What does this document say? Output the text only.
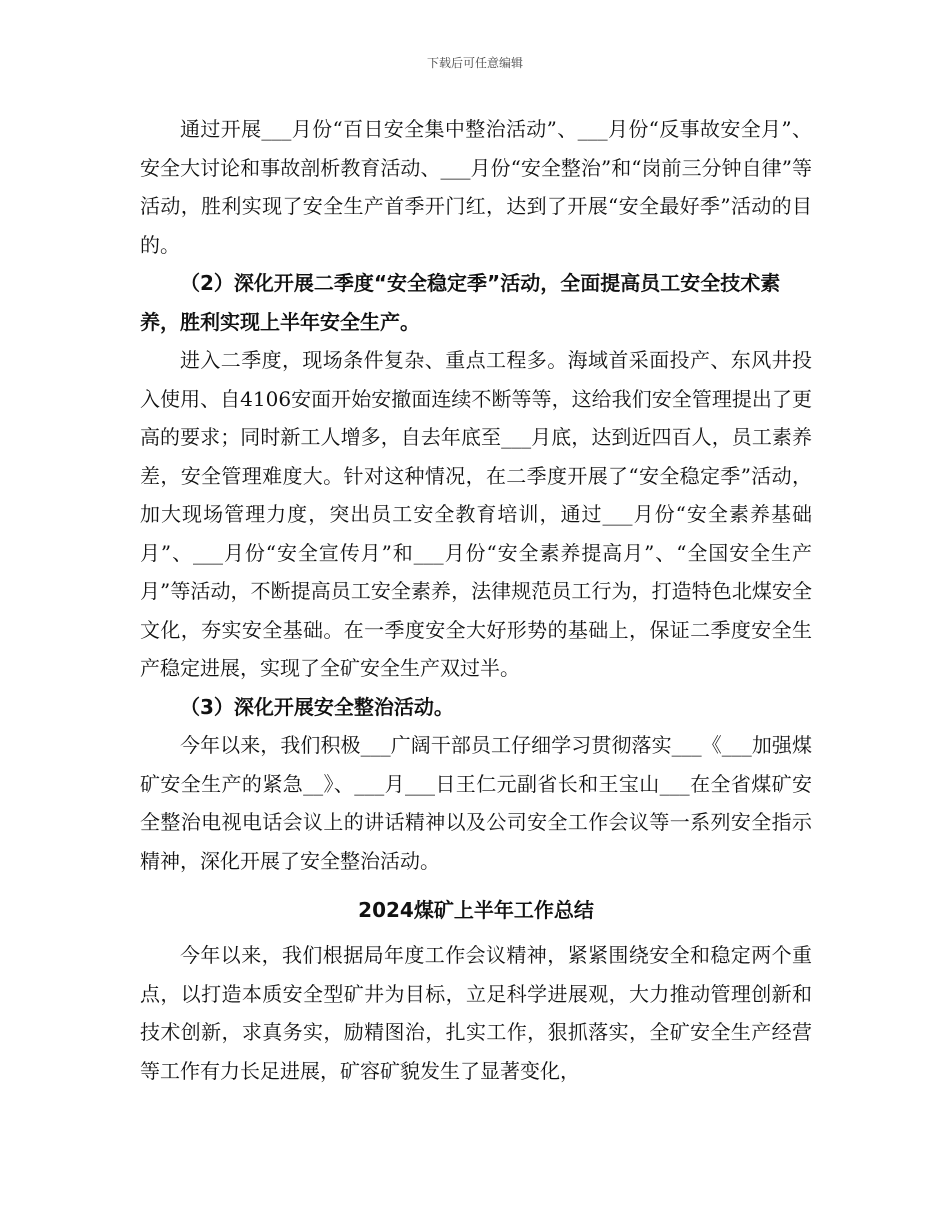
下载后可任意编辑

通过开展___月份“百日安全集中整治活动”、___月份“反事故安全月”、安全大讨论和事故剖析教育活动、___月份“安全整治”和“岗前三分钟自律”等活动，胜利实现了安全生产首季开门红，达到了开展“安全最好季”活动的目的。

（2）深化开展二季度“安全稳定季”活动，全面提高员工安全技术素养，胜利实现上半年安全生产。

进入二季度，现场条件复杂、重点工程多。海域首采面投产、东风井投入使用、自4106安面开始安撤面连续不断等等，这给我们安全管理提出了更高的要求；同时新工人增多，自去年底至___月底，达到近四百人，员工素养差，安全管理难度大。针对这种情况，在二季度开展了“安全稳定季”活动，加大现场管理力度，突出员工安全教育培训，通过___月份“安全素养基础月”、___月份“安全宣传月”和___月份“安全素养提高月”、“全国安全生产月”等活动，不断提高员工安全素养，法律规范员工行为，打造特色北煤安全文化，夯实安全基础。在一季度安全大好形势的基础上，保证二季度安全生产稳定进展，实现了全矿安全生产双过半。

（3）深化开展安全整治活动。

今年以来，我们积极___广阔干部员工仔细学习贯彻落实___《___加强煤矿安全生产的紧急__》、___月___日王仁元副省长和王宝山___在全省煤矿安全整治电视电话会议上的讲话精神以及公司安全工作会议等一系列安全指示精神，深化开展了安全整治活动。

2024煤矿上半年工作总结

今年以来，我们根据局年度工作会议精神，紧紧围绕安全和稳定两个重点，以打造本质安全型矿井为目标，立足科学进展观，大力推动管理创新和技术创新，求真务实，励精图治，扎实工作，狠抓落实，全矿安全生产经营等工作有力长足进展，矿容矿貌发生了显著变化，
